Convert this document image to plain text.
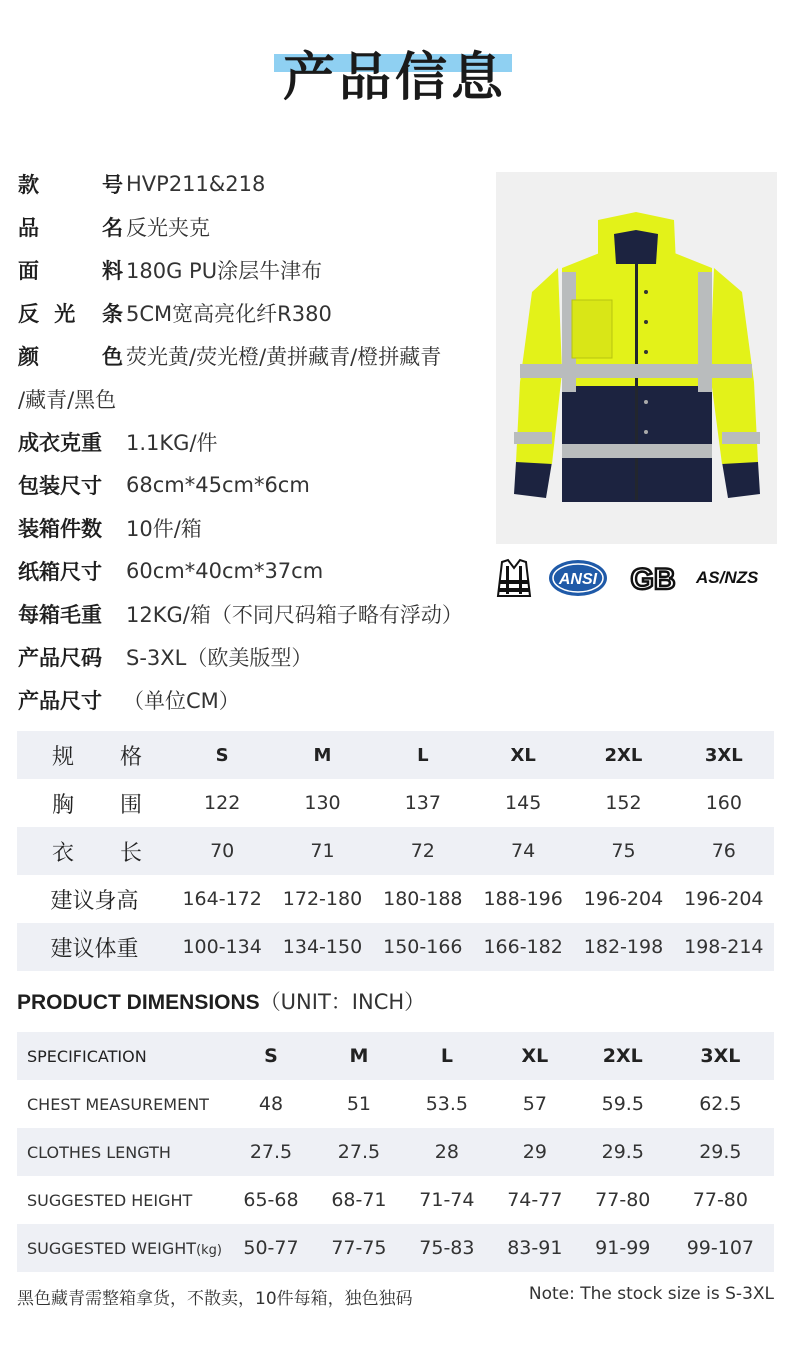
产品信息
款	号 HVP211&218
品	名 反光夹克
面	料 180G PU涂层牛津布
反 光 条 5CM宽高亮化纤R380
颜	色 荧光黄/荧光橙/黄拼藏青/橙拼藏青
/藏青/黑色
成衣克重	1.1KG/件
包装尺寸	68cm*45cm*6cm
装箱件数	10件/箱
纸箱尺寸	60cm*40cm*37cm
每箱毛重	12KG/箱（不同尺码箱子略有浮动）
产品尺码	S-3XL（欧美版型）
产品尺寸	（单位CM）
ANSI GB AS/NZS
规 格	S	M	L	XL	2XL	3XL

胸 围	122	130	137	145	152	160

衣 长	70	71	72	74	75	76
建议身高	164-172	172-180	180-188	188-196	196-204	196-204
建议体重	100-134	134-150	150-166	166-182	182-198	198-214
PRODUCT DIMENSIONS（UNIT：INCH）
SPECIFICATION	S	M	L	XL	2XL	3XL
CHEST MEASUREMENT	48	51	53.5	57	59.5	62.5
CLOTHES LENGTH	27.5	27.5	28	29	29.5	29.5
SUGGESTED HEIGHT	65-68	68-71	71-74	74-77	77-80	77-80
SUGGESTED WEIGHT(kg)	50-77	77-75	75-83	83-91	91-99	99-107
黑色藏青需整箱拿货，不散卖，10件每箱，独色独码	Note: The stock size is S-3XL
